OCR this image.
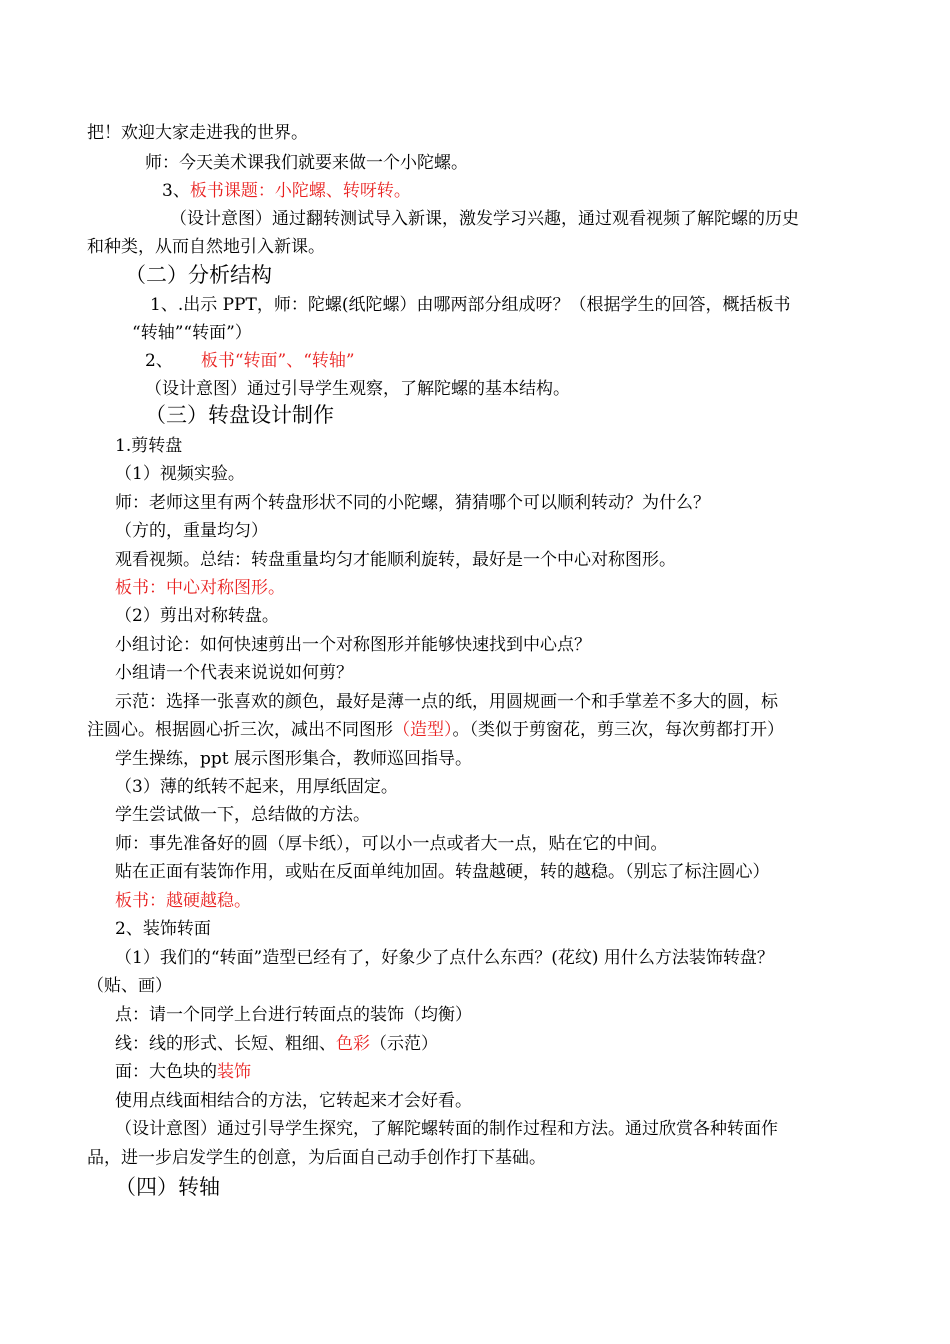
把！欢迎大家走进我的世界。
师：今天美术课我们就要来做一个小陀螺。
3、板书课题：小陀螺、转呀转。
（设计意图）通过翻转测试导入新课，激发学习兴趣，通过观看视频了解陀螺的历史
和种类，从而自然地引入新课。
（二）分析结构
1、.出示 PPT，师：陀螺(纸陀螺）由哪两部分组成呀？（根据学生的回答，概括板书
“转轴”“转面”）
2、 板书“转面”、“转轴”
（设计意图）通过引导学生观察，了解陀螺的基本结构。
（三）转盘设计制作
1.剪转盘
（1）视频实验。
师：老师这里有两个转盘形状不同的小陀螺，猜猜哪个可以顺利转动？为什么？
（方的，重量均匀）
观看视频。总结：转盘重量均匀才能顺利旋转，最好是一个中心对称图形。
板书：中心对称图形。
（2）剪出对称转盘。
小组讨论：如何快速剪出一个对称图形并能够快速找到中心点？
小组请一个代表来说说如何剪？
示范：选择一张喜欢的颜色，最好是薄一点的纸，用圆规画一个和手掌差不多大的圆，标
注圆心。根据圆心折三次，减出不同图形（造型）。（类似于剪窗花，剪三次，每次剪都打开）
学生操练，ppt 展示图形集合，教师巡回指导。
（3）薄的纸转不起来，用厚纸固定。
学生尝试做一下，总结做的方法。
师：事先准备好的圆（厚卡纸），可以小一点或者大一点，贴在它的中间。
贴在正面有装饰作用，或贴在反面单纯加固。转盘越硬，转的越稳。（别忘了标注圆心）
板书：越硬越稳。
2、装饰转面
（1）我们的“转面”造型已经有了，好象少了点什么东西？(花纹) 用什么方法装饰转盘？
（贴、画）
点：请一个同学上台进行转面点的装饰（均衡）
线：线的形式、长短、粗细、色彩（示范）
面：大色块的装饰
使用点线面相结合的方法，它转起来才会好看。
（设计意图）通过引导学生探究，了解陀螺转面的制作过程和方法。通过欣赏各种转面作
品，进一步启发学生的创意，为后面自己动手创作打下基础。
（四）转轴
